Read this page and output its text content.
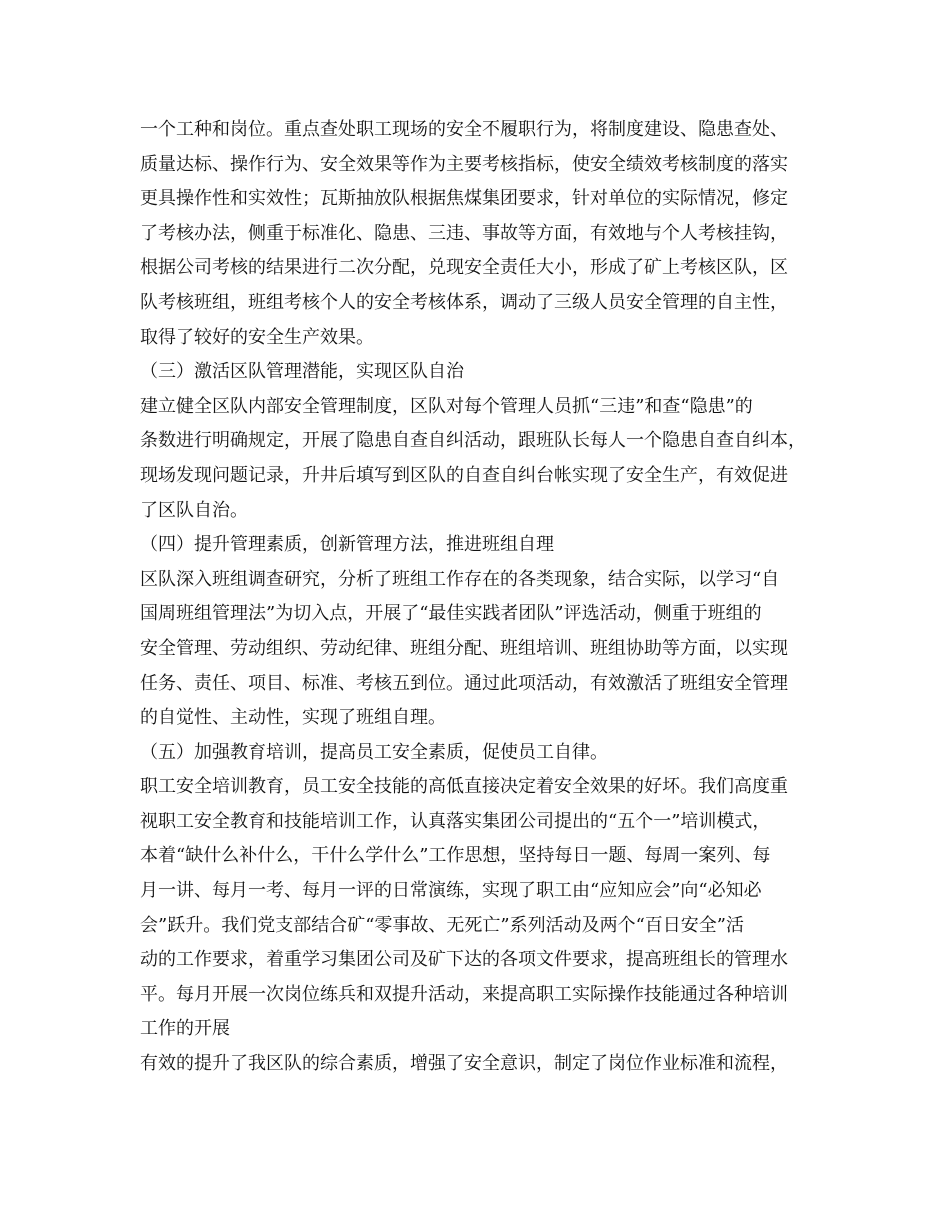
一个工种和岗位。重点查处职工现场的安全不履职行为，将制度建设、隐患查处、
质量达标、操作行为、安全效果等作为主要考核指标，使安全绩效考核制度的落实
更具操作性和实效性；瓦斯抽放队根据焦煤集团要求，针对单位的实际情况，修定
了考核办法，侧重于标准化、隐患、三违、事故等方面，有效地与个人考核挂钩，
根据公司考核的结果进行二次分配，兑现安全责任大小，形成了矿上考核区队，区
队考核班组，班组考核个人的安全考核体系，调动了三级人员安全管理的自主性，
取得了较好的安全生产效果。
（三）激活区队管理潜能，实现区队自治
建立健全区队内部安全管理制度，区队对每个管理人员抓“三违”和查“隐患”的
条数进行明确规定，开展了隐患自查自纠活动，跟班队长每人一个隐患自查自纠本，
现场发现问题记录，升井后填写到区队的自查自纠台帐实现了安全生产，有效促进
了区队自治。
（四）提升管理素质，创新管理方法，推进班组自理
区队深入班组调查研究，分析了班组工作存在的各类现象，结合实际，以学习“自
国周班组管理法”为切入点，开展了“最佳实践者团队”评选活动，侧重于班组的
安全管理、劳动组织、劳动纪律、班组分配、班组培训、班组协助等方面，以实现
任务、责任、项目、标准、考核五到位。通过此项活动，有效激活了班组安全管理
的自觉性、主动性，实现了班组自理。
（五）加强教育培训，提高员工安全素质，促使员工自律。
职工安全培训教育，员工安全技能的高低直接决定着安全效果的好坏。我们高度重
视职工安全教育和技能培训工作，认真落实集团公司提出的“五个一”培训模式，
本着“缺什么补什么，干什么学什么”工作思想，坚持每日一题、每周一案列、每
月一讲、每月一考、每月一评的日常演练，实现了职工由“应知应会”向“必知必
会”跃升。我们党支部结合矿“零事故、无死亡”系列活动及两个“百日安全”活
动的工作要求，着重学习集团公司及矿下达的各项文件要求，提高班组长的管理水
平。每月开展一次岗位练兵和双提升活动，来提高职工实际操作技能通过各种培训
工作的开展
有效的提升了我区队的综合素质，增强了安全意识，制定了岗位作业标准和流程，
